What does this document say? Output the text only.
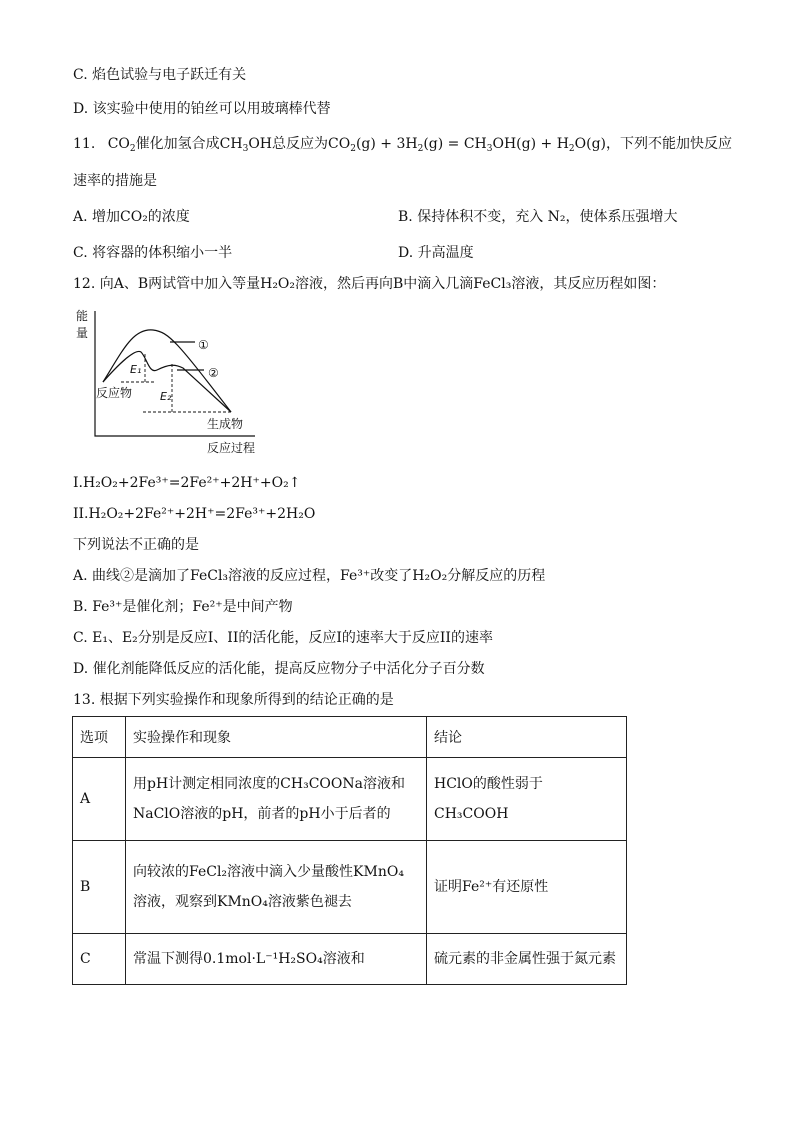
C. 焰色试验与电子跃迁有关
D. 该实验中使用的铂丝可以用玻璃棒代替
11. $CO_2$催化加氢合成$CH_3OH$总反应为$CO_2(g) + 3H_2(g) = CH_3OH(g) + H_2O(g)$，下列不能加快反应
速率的措施是
A. 增加CO₂的浓度	B. 保持体积不变，充入 N₂，使体系压强增大
C. 将容器的体积缩小一半	D. 升高温度
12. 向A、B两试管中加入等量H₂O₂溶液，然后再向B中滴入几滴FeCl₃溶液，其反应历程如图：
能
量
反应过程
反应物
生成物
①
②
E₁
E₂
I.H₂O₂+2Fe³⁺=2Fe²⁺+2H⁺+O₂↑
II.H₂O₂+2Fe²⁺+2H⁺=2Fe³⁺+2H₂O
下列说法不正确的是
A. 曲线②是滴加了FeCl₃溶液的反应过程，Fe³⁺改变了H₂O₂分解反应的历程
B. Fe³⁺是催化剂；Fe²⁺是中间产物
C. E₁、E₂分别是反应I、II的活化能，反应I的速率大于反应II的速率
D. 催化剂能降低反应的活化能，提高反应物分子中活化分子百分数
13. 根据下列实验操作和现象所得到的结论正确的是
选项	实验操作和现象	结论
A	用pH计测定相同浓度的CH₃COONa溶液和
NaClO溶液的pH，前者的pH小于后者的	HClO的酸性弱于
CH₃COOH

B	向较浓的FeCl₂溶液中滴入少量酸性KMnO₄
溶液，观察到KMnO₄溶液紫色褪去	证明Fe²⁺有还原性

C	常温下测得0.1mol·L⁻¹H₂SO₄溶液和	硫元素的非金属性强于氮元素
